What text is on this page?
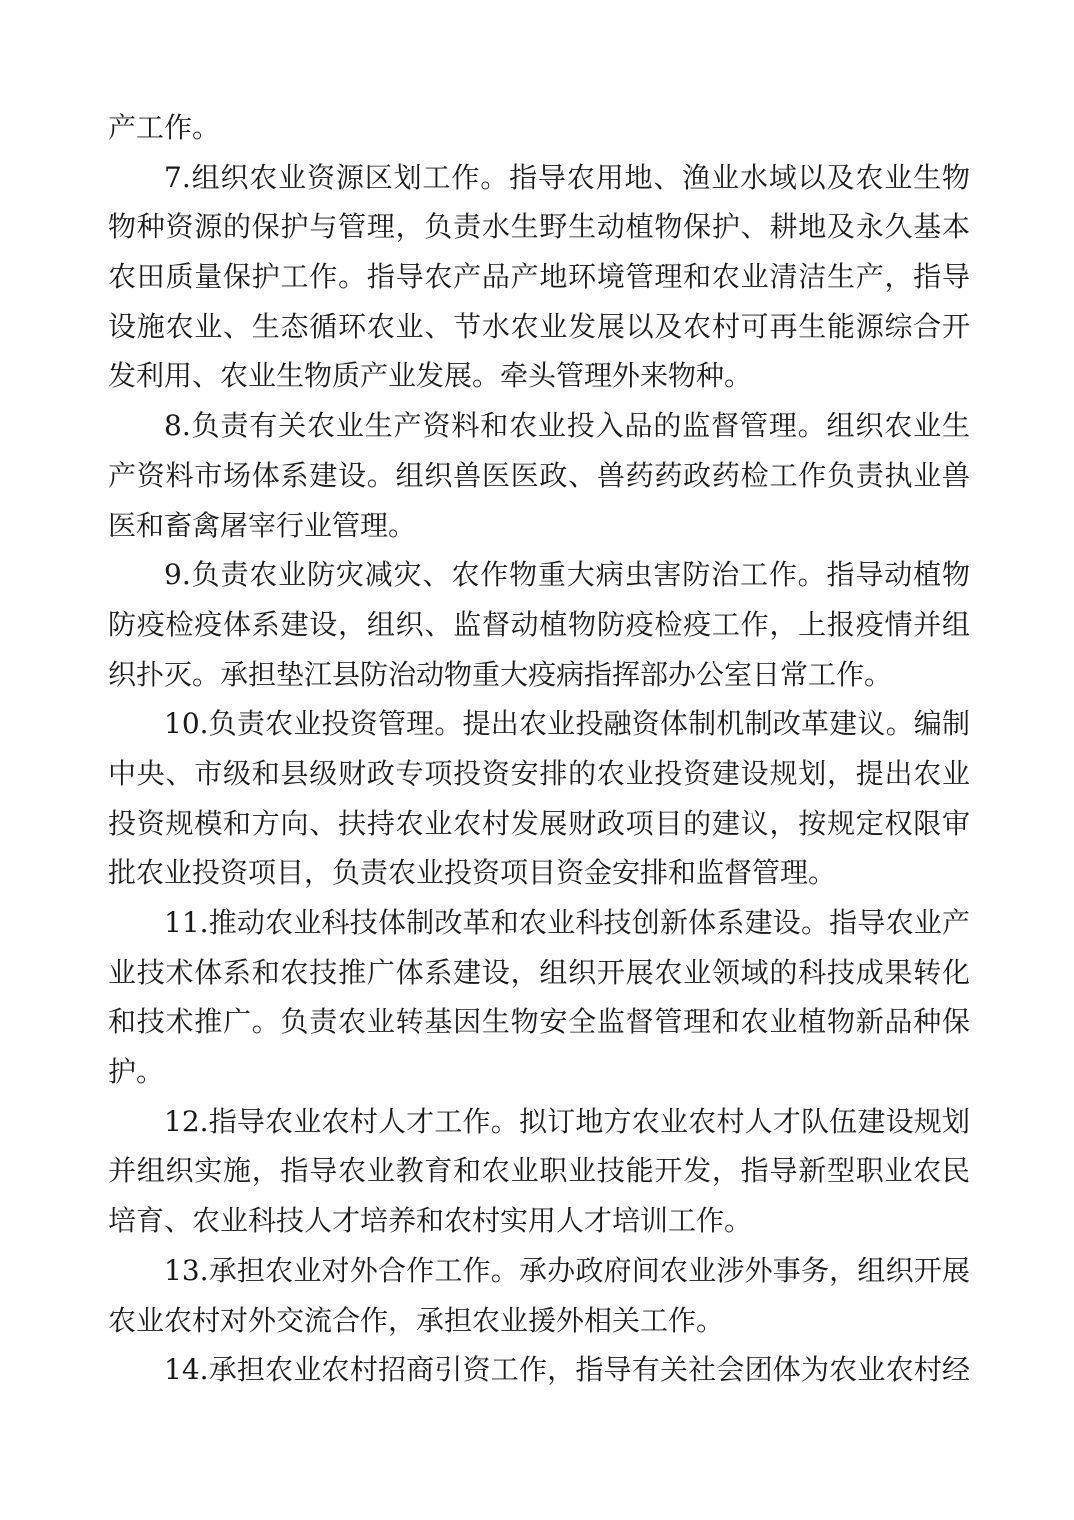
产工作。
7.组织农业资源区划工作。指导农用地、渔业水域以及农业生物
物种资源的保护与管理，负责水生野生动植物保护、耕地及永久基本
农田质量保护工作。指导农产品产地环境管理和农业清洁生产，指导
设施农业、生态循环农业、节水农业发展以及农村可再生能源综合开
发利用、农业生物质产业发展。牵头管理外来物种。
8.负责有关农业生产资料和农业投入品的监督管理。组织农业生
产资料市场体系建设。组织兽医医政、兽药药政药检工作负责执业兽
医和畜禽屠宰行业管理。
9.负责农业防灾减灾、农作物重大病虫害防治工作。指导动植物
防疫检疫体系建设，组织、监督动植物防疫检疫工作，上报疫情并组
织扑灭。承担垫江县防治动物重大疫病指挥部办公室日常工作。
10.负责农业投资管理。提出农业投融资体制机制改革建议。编制
中央、市级和县级财政专项投资安排的农业投资建设规划，提出农业
投资规模和方向、扶持农业农村发展财政项目的建议，按规定权限审
批农业投资项目，负责农业投资项目资金安排和监督管理。
11.推动农业科技体制改革和农业科技创新体系建设。指导农业产
业技术体系和农技推广体系建设，组织开展农业领域的科技成果转化
和技术推广。负责农业转基因生物安全监督管理和农业植物新品种保
护。
12.指导农业农村人才工作。拟订地方农业农村人才队伍建设规划
并组织实施，指导农业教育和农业职业技能开发，指导新型职业农民
培育、农业科技人才培养和农村实用人才培训工作。
13.承担农业对外合作工作。承办政府间农业涉外事务，组织开展
农业农村对外交流合作，承担农业援外相关工作。
14.承担农业农村招商引资工作，指导有关社会团体为农业农村经
